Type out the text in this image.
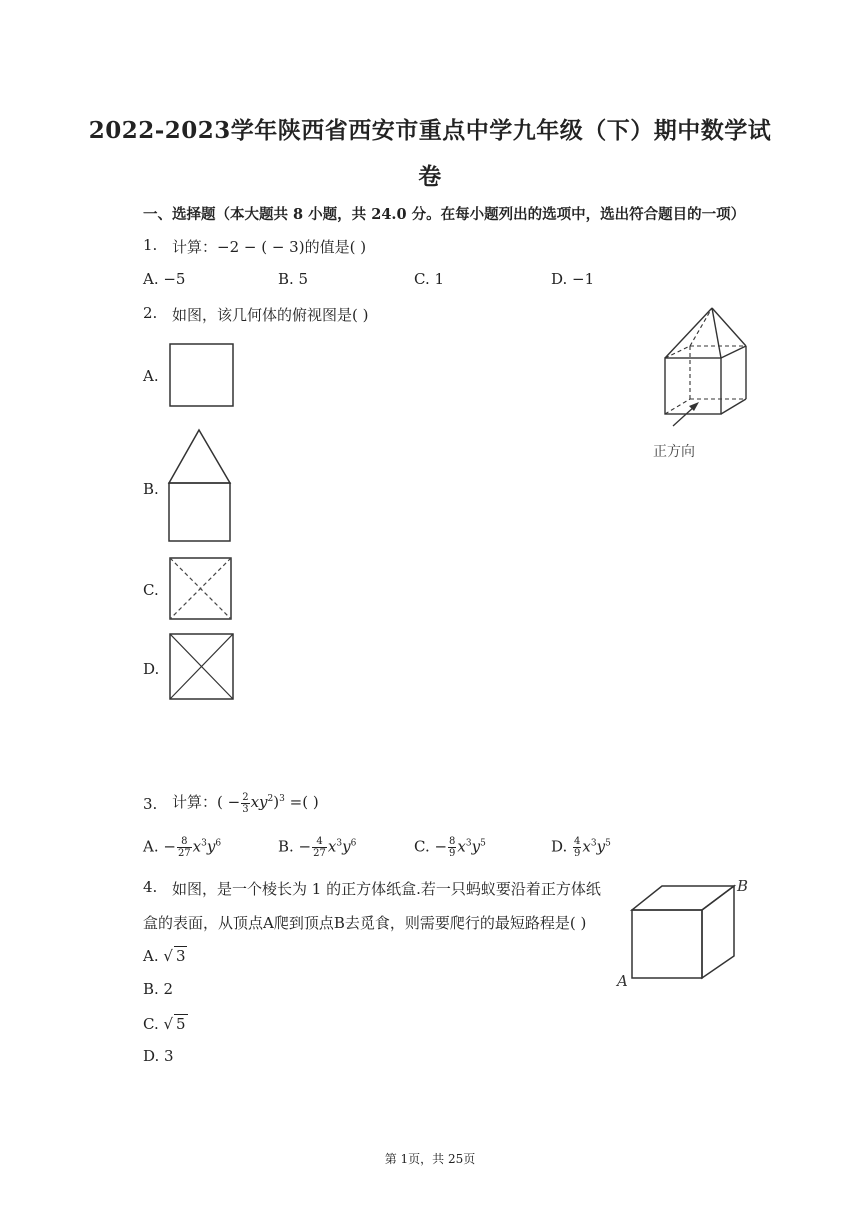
2022-2023学年陕西省西安市重点中学九年级（下）期中数学试
卷
一、选择题（本大题共 8 小题，共 24.0 分。在每小题列出的选项中，选出符合题目的一项）
1. 计算：−2 − ( − 3)的值是( )
A. −5	B. 5	C. 1	D. −1
2. 如图，该几何体的俯视图是( )
A.
B.
C.
D.
正方向
3. 计算：( − $\frac{2}{3} xy^2)^3$ =( )
A. − $\frac{8}{27} x^3y^6$	B. − $\frac{4}{27} x^3y^6$	C. − $\frac{8}{9} x^3y^5$	D. $\frac{4}{9} x^3y^5$
4. 如图，是一个棱长为 1 的正方体纸盒.若一只蚂蚁要沿着正方体纸
盒的表面，从顶点A爬到顶点B去觅食，则需要爬行的最短路程是( )
A. √ 3
B. 2
C. √ 5
D. 3
A
B
第 1页，共 25页
